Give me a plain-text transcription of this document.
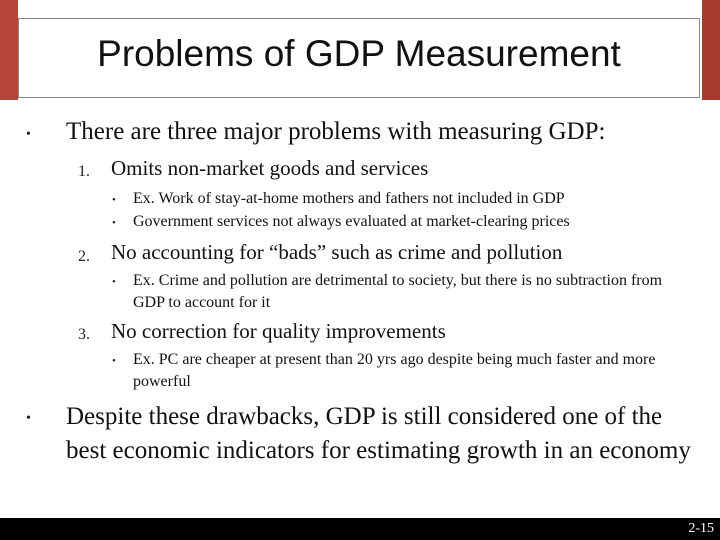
Problems of GDP Measurement
• There are three major problems with measuring GDP:
1. Omits non-market goods and services
• Ex. Work of stay-at-home mothers and fathers not included in GDP
• Government services not always evaluated at market-clearing prices
2. No accounting for “bads” such as crime and pollution
• Ex. Crime and pollution are detrimental to society, but there is no subtraction from GDP to account for it
3. No correction for quality improvements
• Ex. PC are cheaper at present than 20 yrs ago despite being much faster and more powerful
• Despite these drawbacks, GDP is still considered one of the best economic indicators for estimating growth in an economy
2-15
